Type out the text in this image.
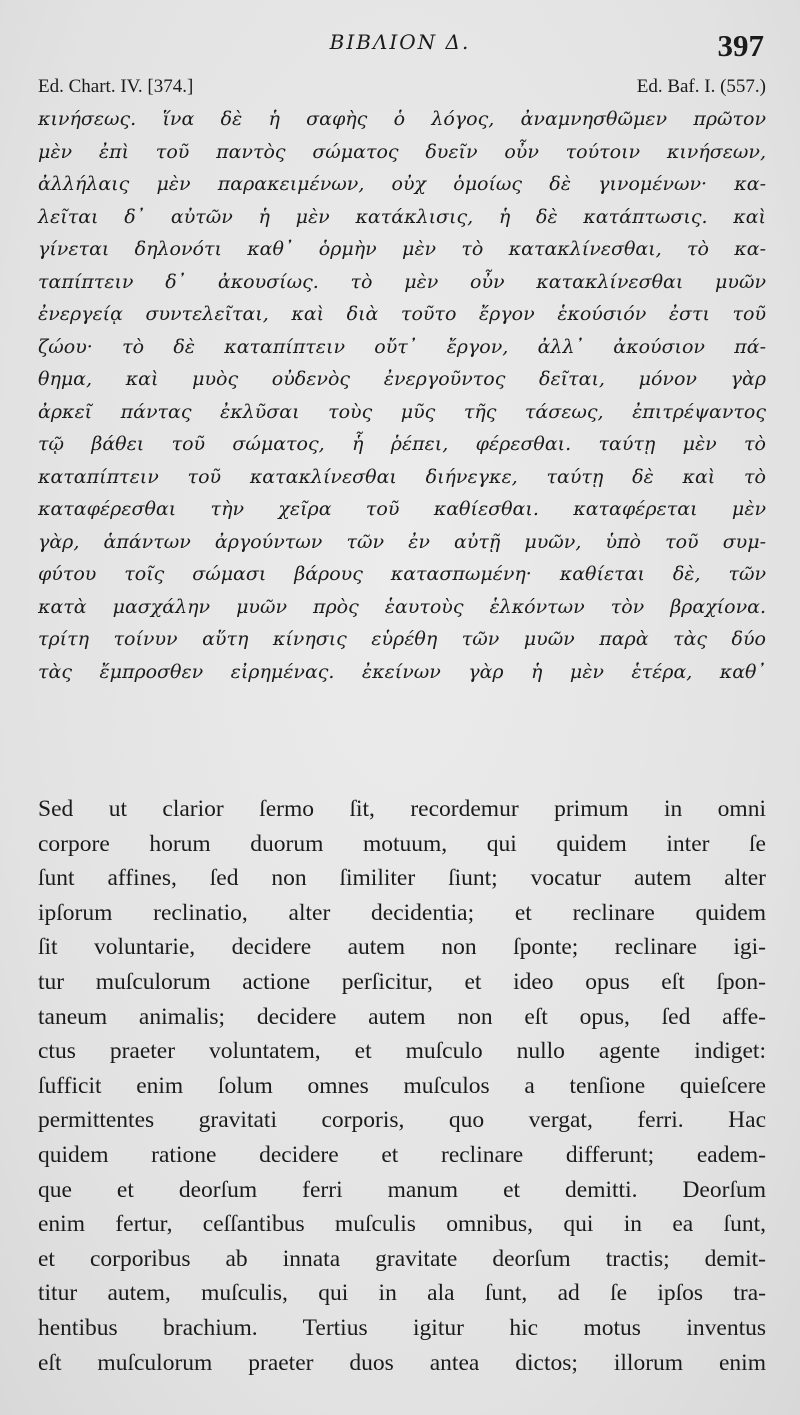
ΒΙΒΛΙΟΝ Δ.	397
Ed. Chart. IV. [374.]	Ed. Baf. I. (557.)
κινήσεως. ἵνα δὲ ἡ σαφὴς ὁ λόγος, ἀναμνησθῶμεν πρῶτον
μὲν ἐπὶ τοῦ παντὸς σώματος δυεῖν οὖν τούτοιν κινήσεων,
ἀλλήλαις μὲν παρακειμένων, οὐχ ὁμοίως δὲ γινομένων· κα-
λεῖται δ᾽ αὐτῶν ἡ μὲν κατάκλισις, ἡ δὲ κατάπτωσις. καὶ
γίνεται δηλονότι καθ᾽ ὁρμὴν μὲν τὸ κατακλίνεσθαι, τὸ κα-
ταπίπτειν δ᾽ ἀκουσίως. τὸ μὲν οὖν κατακλίνεσθαι μυῶν
ἐνεργείᾳ συντελεῖται, καὶ διὰ τοῦτο ἔργον ἑκούσιόν ἐστι τοῦ
ζώου· τὸ δὲ καταπίπτειν οὔτ᾽ ἔργον, ἀλλ᾽ ἀκούσιον πά-
θημα, καὶ μυὸς οὐδενὸς ἐνεργοῦντος δεῖται, μόνον γὰρ
ἀρκεῖ πάντας ἐκλῦσαι τοὺς μῦς τῆς τάσεως, ἐπιτρέψαντος
τῷ βάθει τοῦ σώματος, ἧ ῥέπει, φέρεσθαι. ταύτῃ μὲν τὸ
καταπίπτειν τοῦ κατακλίνεσθαι διήνεγκε, ταύτῃ δὲ καὶ τὸ
καταφέρεσθαι τὴν χεῖρα τοῦ καθίεσθαι. καταφέρεται μὲν
γὰρ, ἁπάντων ἀργούντων τῶν ἐν αὐτῇ μυῶν, ὑπὸ τοῦ συμ-
φύτου τοῖς σώμασι βάρους κατασπωμένη· καθίεται δὲ, τῶν
κατὰ μασχάλην μυῶν πρὸς ἑαυτοὺς ἑλκόντων τὸν βραχίονα.
τρίτη τοίνυν αὕτη κίνησις εὑρέθη τῶν μυῶν παρὰ τὰς δύο
τὰς ἔμπροσθεν εἰρημένας. ἐκείνων γὰρ ἡ μὲν ἑτέρα, καθ᾽
Sed ut clarior ſermo ſit, recordemur primum in omni
corpore horum duorum motuum, qui quidem inter ſe
ſunt affines, ſed non ſimiliter ſiunt; vocatur autem alter
ipſorum reclinatio, alter decidentia; et reclinare quidem
ſit voluntarie, decidere autem non ſponte; reclinare igi-
tur muſculorum actione perſicitur, et ideo opus eſt ſpon-
taneum animalis; decidere autem non eſt opus, ſed affe-
ctus praeter voluntatem, et muſculo nullo agente indiget:
ſufficit enim ſolum omnes muſculos a tenſione quieſcere
permittentes gravitati corporis, quo vergat, ferri. Hac
quidem ratione decidere et reclinare differunt; eadem-
que et deorſum ferri manum et demitti. Deorſum
enim fertur, ceſſantibus muſculis omnibus, qui in ea ſunt,
et corporibus ab innata gravitate deorſum tractis; demit-
titur autem, muſculis, qui in ala ſunt, ad ſe ipſos tra-
hentibus brachium. Tertius igitur hic motus inventus
eſt muſculorum praeter duos antea dictos; illorum enim
